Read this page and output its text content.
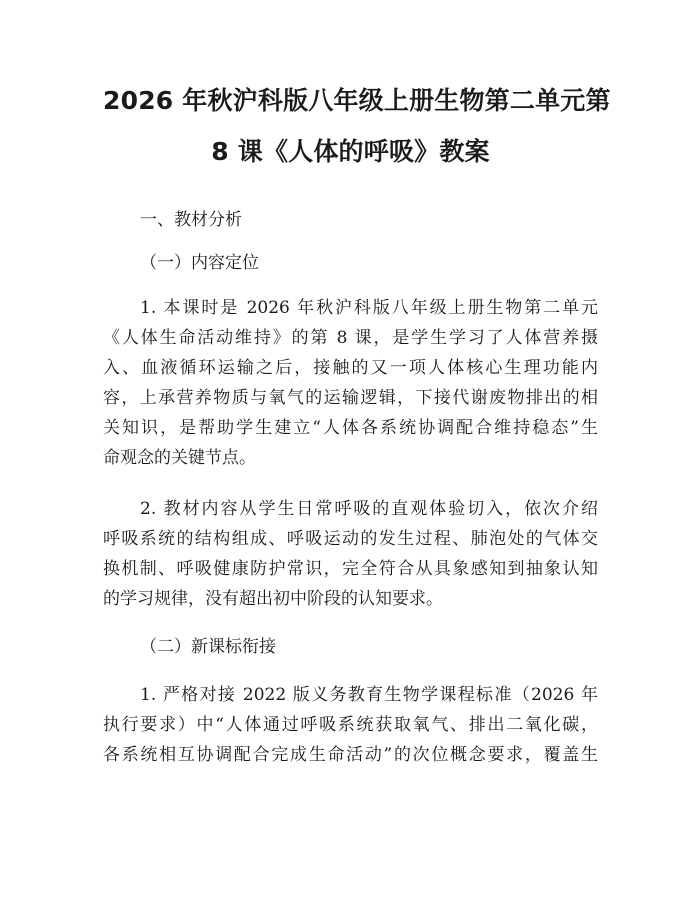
2026 年秋沪科版八年级上册生物第二单元第
8 课《人体的呼吸》教案
一、教材分析
（一）内容定位
1. 本课时是 2026 年秋沪科版八年级上册生物第二单元
《人体生命活动维持》的第 8 课，是学生学习了人体营养摄
入、血液循环运输之后，接触的又一项人体核心生理功能内
容，上承营养物质与氧气的运输逻辑，下接代谢废物排出的相
关知识，是帮助学生建立“人体各系统协调配合维持稳态”生
命观念的关键节点。
2. 教材内容从学生日常呼吸的直观体验切入，依次介绍
呼吸系统的结构组成、呼吸运动的发生过程、肺泡处的气体交
换机制、呼吸健康防护常识，完全符合从具象感知到抽象认知
的学习规律，没有超出初中阶段的认知要求。
（二）新课标衔接
1. 严格对接 2022 版义务教育生物学课程标准（2026 年
执行要求）中“人体通过呼吸系统获取氧气、排出二氧化碳，
各系统相互协调配合完成生命活动”的次位概念要求，覆盖生
